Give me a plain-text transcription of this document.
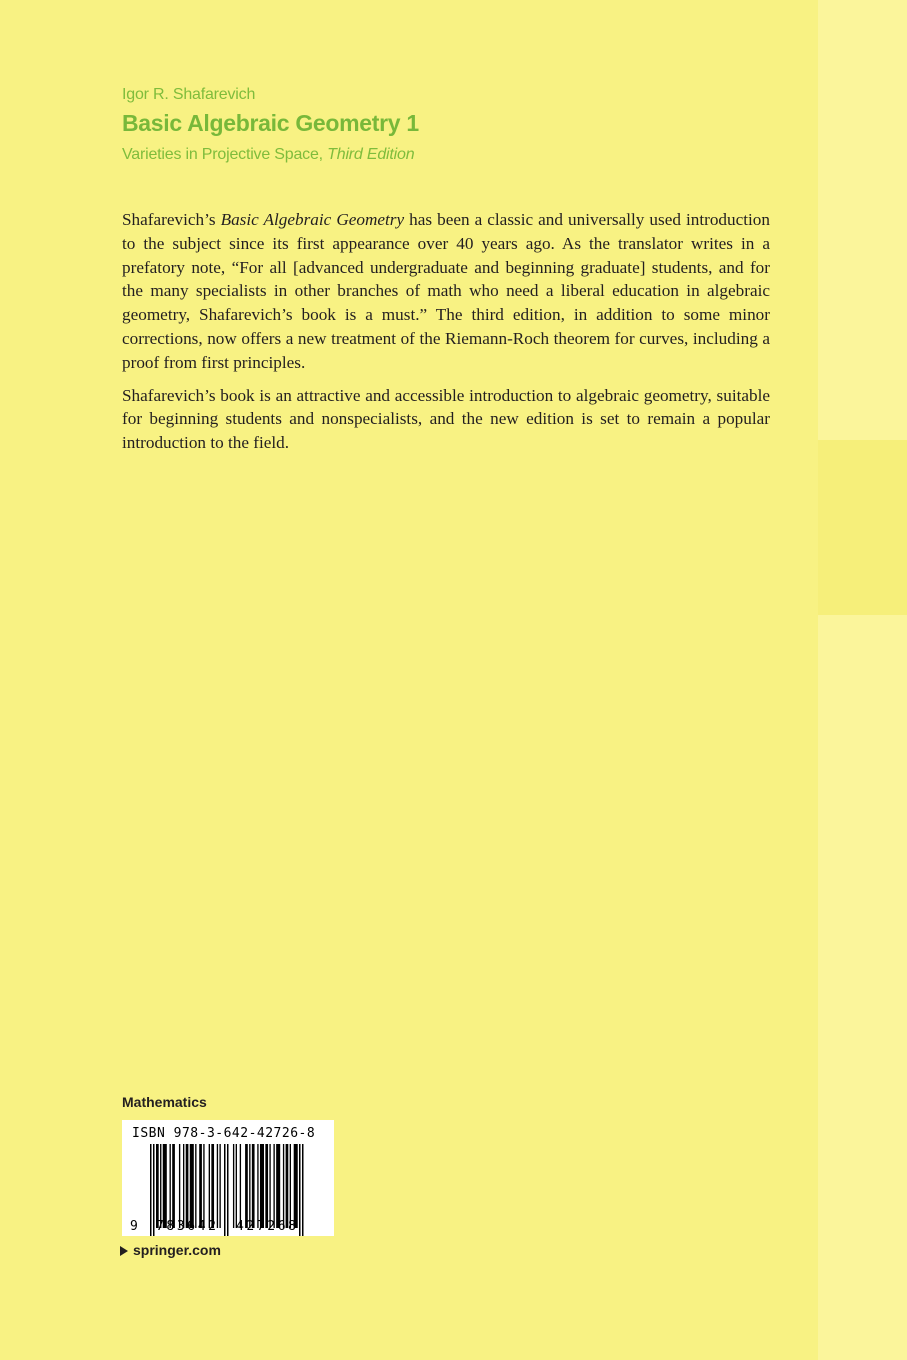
Igor R. Shafarevich
Basic Algebraic Geometry 1
Varieties in Projective Space, Third Edition

Shafarevich’s Basic Algebraic Geometry has been a classic and universally used introduction to the subject since its first appearance over 40 years ago. As the translator writes in a prefatory note, “For all [advanced undergraduate and beginning graduate] students, and for the many specialists in other branches of math who need a liberal education in algebraic geometry, Shafarevich’s book is a must.” The third edition, in addition to some minor corrections, now offers a new treatment of the Riemann-Roch theorem for curves, including a proof from first principles.

Shafarevich’s book is an attractive and accessible introduction to algebraic geometry, suitable for beginning students and nonspecialists, and the new edition is set to remain a popular introduction to the field.

Mathematics
ISBN 978-3-642-42726-8
9 783642 427268
springer.com
